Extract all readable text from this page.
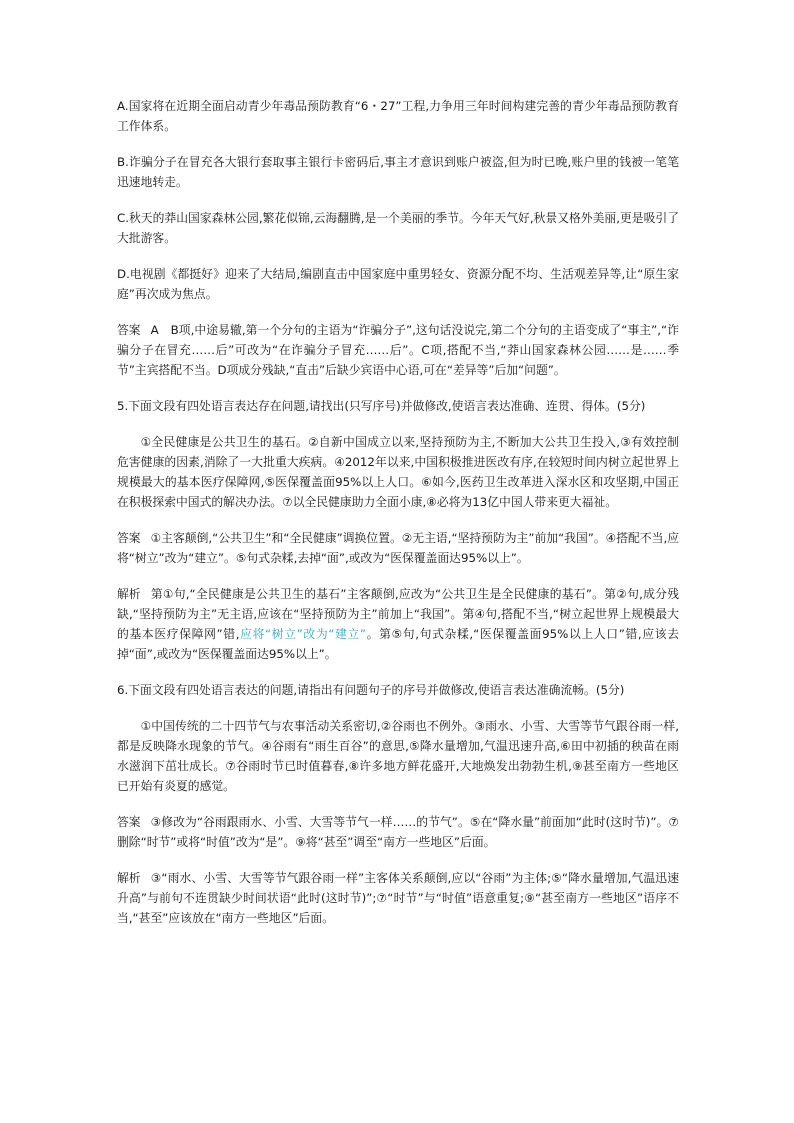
A.国家将在近期全面启动青少年毒品预防教育“6・27”工程,力争用三年时间构建完善的青少年毒品预防教育工作体系。

B.诈骗分子在冒充各大银行套取事主银行卡密码后,事主才意识到账户被盗,但为时已晚,账户里的钱被一笔笔迅速地转走。

C.秋天的莽山国家森林公园,繁花似锦,云海翻腾,是一个美丽的季节。今年天气好,秋景又格外美丽,更是吸引了大批游客。

D.电视剧《都挺好》迎来了大结局,编剧直击中国家庭中重男轻女、资源分配不均、生活观差异等,让“原生家庭”再次成为焦点。

答案 A　B项,中途易辙,第一个分句的主语为“诈骗分子”,这句话没说完,第二个分句的主语变成了“事主”,“诈骗分子在冒充……后”可改为“在诈骗分子冒充……后”。C项,搭配不当,“莽山国家森林公园……是……季节”主宾搭配不当。D项成分残缺,“直击”后缺少宾语中心语,可在“差异等”后加“问题”。

5.下面文段有四处语言表达存在问题,请找出(只写序号)并做修改,使语言表达准确、连贯、得体。(5分)

①全民健康是公共卫生的基石。②自新中国成立以来,坚持预防为主,不断加大公共卫生投入,③有效控制危害健康的因素,消除了一大批重大疾病。④2012年以来,中国积极推进医改有序,在较短时间内树立起世界上规模最大的基本医疗保障网,⑤医保覆盖面95%以上人口。⑥如今,医药卫生改革进入深水区和攻坚期,中国正在积极探索中国式的解决办法。⑦以全民健康助力全面小康,⑧必将为13亿中国人带来更大福祉。

答案 ①主客颠倒,“公共卫生”和“全民健康”调换位置。②无主语,“坚持预防为主”前加“我国”。④搭配不当,应将“树立”改为“建立”。⑤句式杂糅,去掉“面”,或改为“医保覆盖面达95%以上”。

解析 第①句,“全民健康是公共卫生的基石”主客颠倒,应改为“公共卫生是全民健康的基石”。第②句,成分残缺,“坚持预防为主”无主语,应该在“坚持预防为主”前加上“我国”。第④句,搭配不当,“树立起世界上规模最大的基本医疗保障网”错,应将“树立”改为“建立”。第⑤句,句式杂糅,“医保覆盖面95%以上人口”错,应该去掉“面”,或改为“医保覆盖面达95%以上”。

6.下面文段有四处语言表达的问题,请指出有问题句子的序号并做修改,使语言表达准确流畅。(5分)

①中国传统的二十四节气与农事活动关系密切,②谷雨也不例外。③雨水、小雪、大雪等节气跟谷雨一样,都是反映降水现象的节气。④谷雨有“雨生百谷”的意思,⑤降水量增加,气温迅速升高,⑥田中初插的秧苗在雨水滋润下茁壮成长。⑦谷雨时节已时值暮春,⑧许多地方鲜花盛开,大地焕发出勃勃生机,⑨甚至南方一些地区已开始有炎夏的感觉。

答案 ③修改为“谷雨跟雨水、小雪、大雪等节气一样……的节气”。⑤在“降水量”前面加“此时(这时节)”。⑦删除“时节”或将“时值”改为“是”。⑨将“甚至”调至“南方一些地区”后面。

解析 ③“雨水、小雪、大雪等节气跟谷雨一样”主客体关系颠倒,应以“谷雨”为主体;⑤“降水量增加,气温迅速升高”与前句不连贯缺少时间状语“此时(这时节)”;⑦“时节”与“时值”语意重复;⑨“甚至南方一些地区”语序不当,“甚至”应该放在“南方一些地区”后面。
